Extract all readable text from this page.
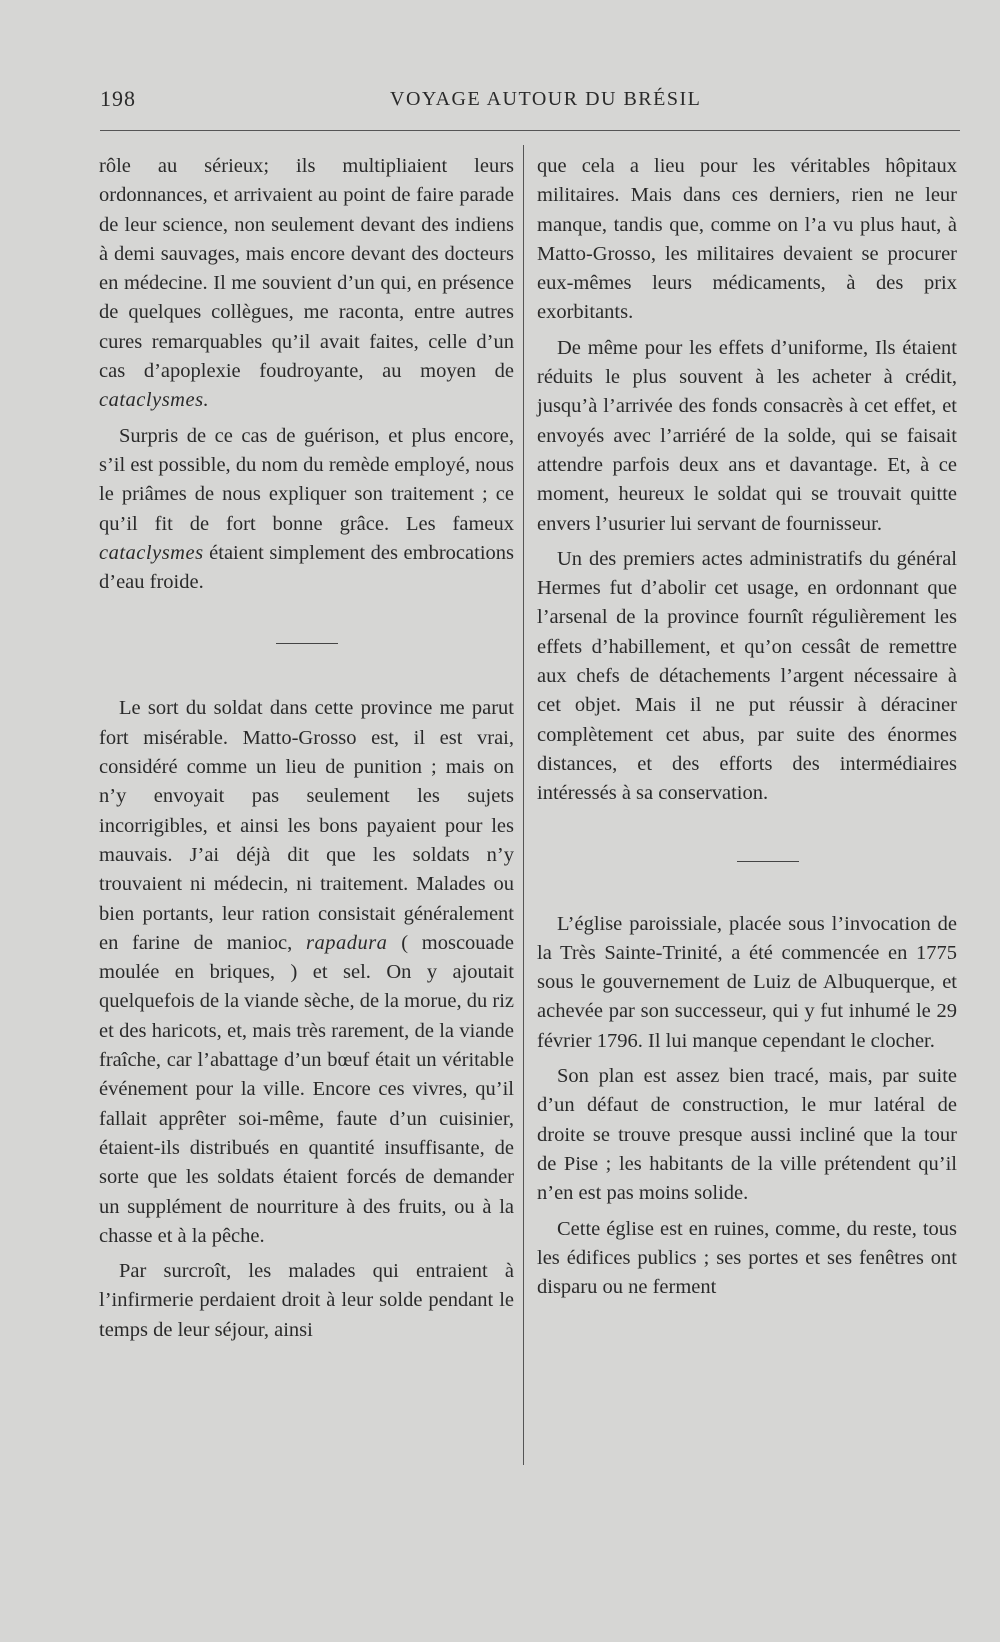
198	VOYAGE AUTOUR DU BRÉSIL

rôle au sérieux; ils multipliaient leurs ordonnances, et arrivaient au point de faire parade de leur science, non seulement devant des indiens à demi sauvages, mais encore devant des docteurs en médecine. Il me souvient d’un qui, en présence de quelques collègues, me raconta, entre autres cures remarquables qu’il avait faites, celle d’un cas d’apoplexie foudroyante, au moyen de cataclysmes.

Surpris de ce cas de guérison, et plus encore, s’il est possible, du nom du remède employé, nous le priâmes de nous expliquer son traitement ; ce qu’il fit de fort bonne grâce. Les fameux cataclysmes étaient simplement des embrocations d’eau froide.

Le sort du soldat dans cette province me parut fort misérable. Matto-Grosso est, il est vrai, considéré comme un lieu de punition ; mais on n’y envoyait pas seulement les sujets incorrigibles, et ainsi les bons payaient pour les mauvais. J’ai déjà dit que les soldats n’y trouvaient ni médecin, ni traitement. Malades ou bien portants, leur ration consistait généralement en farine de manioc, rapadura ( moscouade moulée en briques, ) et sel. On y ajoutait quelquefois de la viande sèche, de la morue, du riz et des haricots, et, mais très rarement, de la viande fraîche, car l’abattage d’un bœuf était un véritable événement pour la ville. Encore ces vivres, qu’il fallait apprêter soi-même, faute d’un cuisinier, étaient-ils distribués en quantité insuffisante, de sorte que les soldats étaient forcés de demander un supplément de nourriture à des fruits, ou à la chasse et à la pêche.

Par surcroît, les malades qui entraient à l’infirmerie perdaient droit à leur solde pendant le temps de leur séjour, ainsi

que cela a lieu pour les véritables hôpitaux militaires. Mais dans ces derniers, rien ne leur manque, tandis que, comme on l’a vu plus haut, à Matto-Grosso, les militaires devaient se procurer eux-mêmes leurs médicaments, à des prix exorbitants.

De même pour les effets d’uniforme, Ils étaient réduits le plus souvent à les acheter à crédit, jusqu’à l’arrivée des fonds consacrès à cet effet, et envoyés avec l’arriéré de la solde, qui se faisait attendre parfois deux ans et davantage. Et, à ce moment, heureux le soldat qui se trouvait quitte envers l’usurier lui servant de fournisseur.

Un des premiers actes administratifs du général Hermes fut d’abolir cet usage, en ordonnant que l’arsenal de la province fournît régulièrement les effets d’habillement, et qu’on cessât de remettre aux chefs de détachements l’argent nécessaire à cet objet. Mais il ne put réussir à déraciner complètement cet abus, par suite des énormes distances, et des efforts des intermédiaires intéressés à sa conservation.

L’église paroissiale, placée sous l’invocation de la Très Sainte-Trinité, a été commencée en 1775 sous le gouvernement de Luiz de Albuquerque, et achevée par son successeur, qui y fut inhumé le 29 février 1796. Il lui manque cependant le clocher.

Son plan est assez bien tracé, mais, par suite d’un défaut de construction, le mur latéral de droite se trouve presque aussi incliné que la tour de Pise ; les habitants de la ville prétendent qu’il n’en est pas moins solide.

Cette église est en ruines, comme, du reste, tous les édifices publics ; ses portes et ses fenêtres ont disparu ou ne ferment
